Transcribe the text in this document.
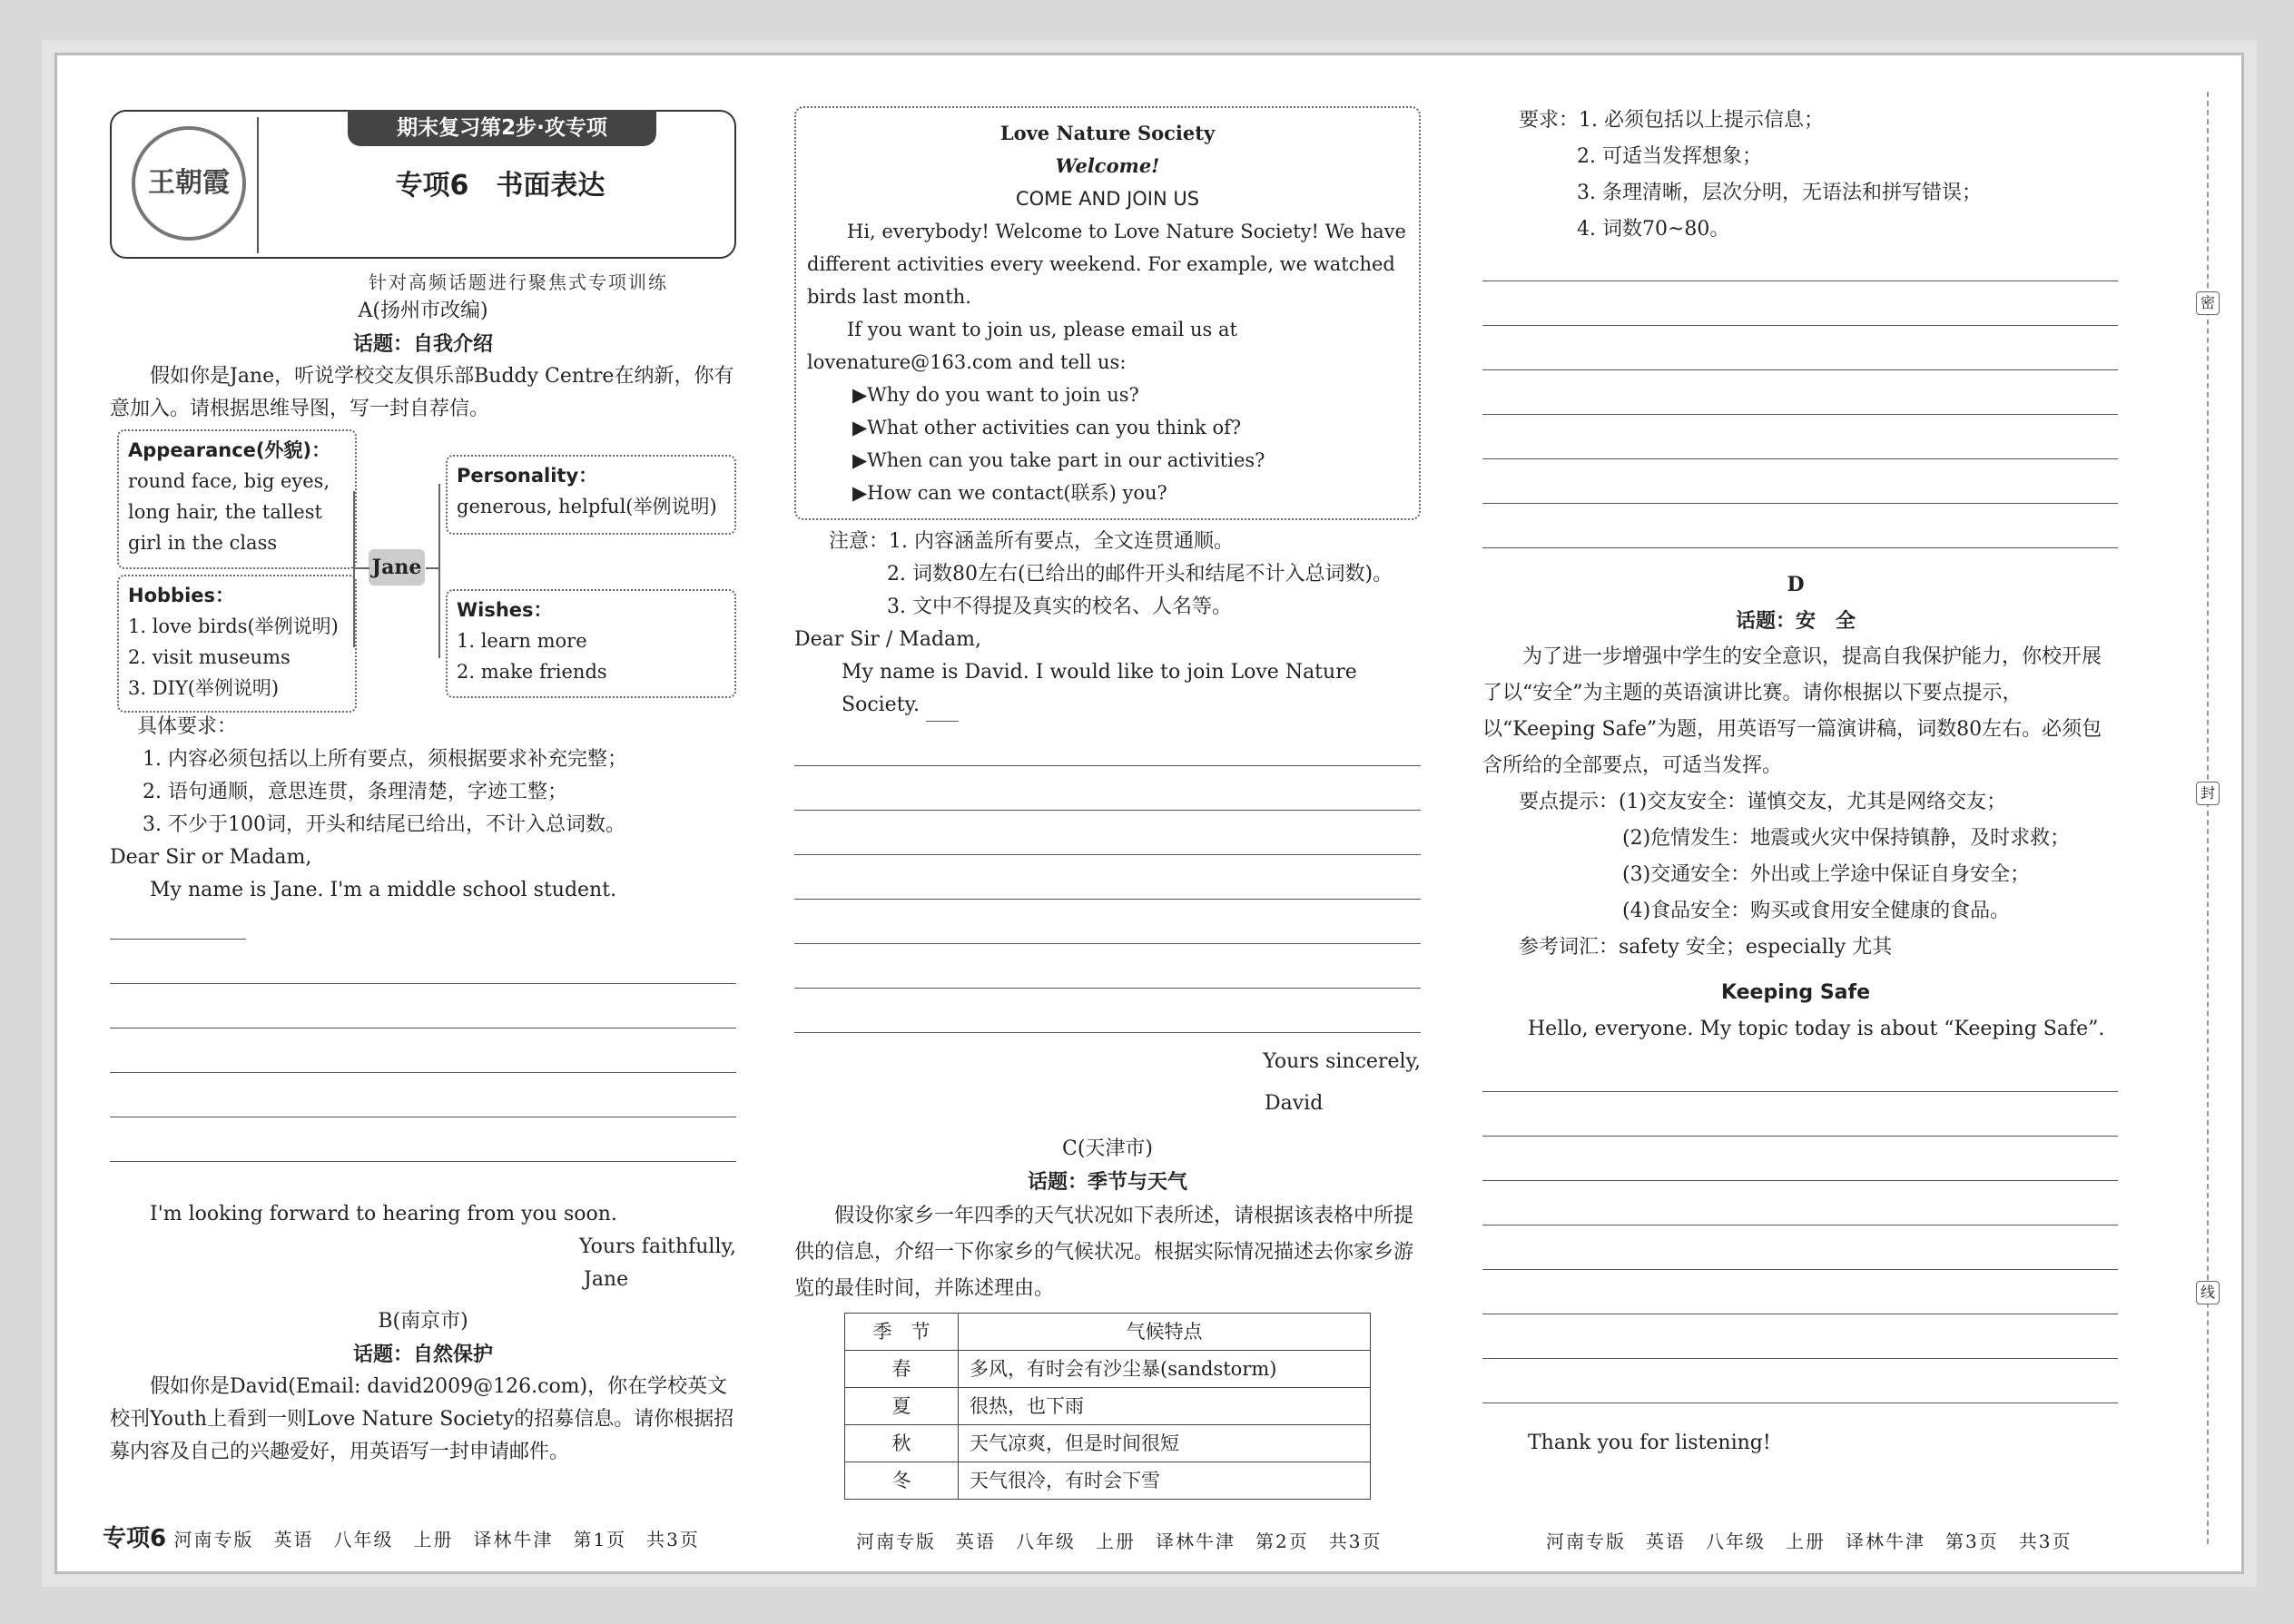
王朝霞
期末复习第2步·攻专项
专项6　书面表达
针对高频话题进行聚焦式专项训练
A(扬州市改编)
话题：自我介绍

假如你是Jane，听说学校交友俱乐部Buddy Centre在纳新，你有意加入。请根据思维导图，写一封自荐信。

Appearance(外貌)：
round face, big eyes, long hair, the tallest girl in the class
Hobbies：
1. love birds(举例说明)
2. visit museums
3. DIY(举例说明)
Jane
Personality：
generous, helpful(举例说明)
Wishes：
1. learn more
2. make friends
具体要求：
1. 内容必须包括以上所有要点，须根据要求补充完整；
2. 语句通顺，意思连贯，条理清楚，字迹工整；
3. 不少于100词，开头和结尾已给出，不计入总词数。
Dear Sir or Madam,
My name is Jane. I'm a middle school student.
I'm looking forward to hearing from you soon.
Yours faithfully,
Jane
B(南京市)
话题：自然保护

假如你是David(Email: david2009@126.com)，你在学校英文校刊Youth上看到一则Love Nature Society的招募信息。请你根据招募内容及自己的兴趣爱好，用英语写一封申请邮件。

Love Nature Society
Welcome!
COME AND JOIN US
Hi, everybody! Welcome to Love Nature Society! We have different activities every weekend. For example, we watched birds last month.
If you want to join us, please email us at lovenature@163.com and tell us:
▶Why do you want to join us?
▶What other activities can you think of?
▶When can you take part in our activities?
▶How can we contact(联系) you?
注意：1. 内容涵盖所有要点，全文连贯通顺。
2. 词数80左右(已给出的邮件开头和结尾不计入总词数)。
3. 文中不得提及真实的校名、人名等。
Dear Sir / Madam,
My name is David. I would like to join Love Nature Society.
Yours sincerely,
David
C(天津市)
话题：季节与天气

假设你家乡一年四季的天气状况如下表所述，请根据该表格中所提供的信息，介绍一下你家乡的气候状况。根据实际情况描述去你家乡游览的最佳时间，并陈述理由。

季　节	气候特点
春	多风，有时会有沙尘暴(sandstorm)
夏	很热，也下雨
秋	天气凉爽，但是时间很短
冬	天气很冷，有时会下雪
要求：1. 必须包括以上提示信息；
2. 可适当发挥想象；
3. 条理清晰，层次分明，无语法和拼写错误；
4. 词数70~80。
D
话题：安　全

为了进一步增强中学生的安全意识，提高自我保护能力，你校开展了以“安全”为主题的英语演讲比赛。请你根据以下要点提示，以“Keeping Safe”为题，用英语写一篇演讲稿，词数80左右。必须包含所给的全部要点，可适当发挥。

要点提示：(1)交友安全：谨慎交友，尤其是网络交友；
(2)危情发生：地震或火灾中保持镇静，及时求救；
(3)交通安全：外出或上学途中保证自身安全；
(4)食品安全：购买或食用安全健康的食品。
参考词汇：safety 安全；especially 尤其
Keeping Safe
Hello, everyone. My topic today is about “Keeping Safe”.
Thank you for listening!
密
封
线
专项6 河南专版　英语　八年级　上册　译林牛津　第1页　共3页	河南专版　英语　八年级　上册　译林牛津　第2页　共3页	河南专版　英语　八年级　上册　译林牛津　第3页　共3页
